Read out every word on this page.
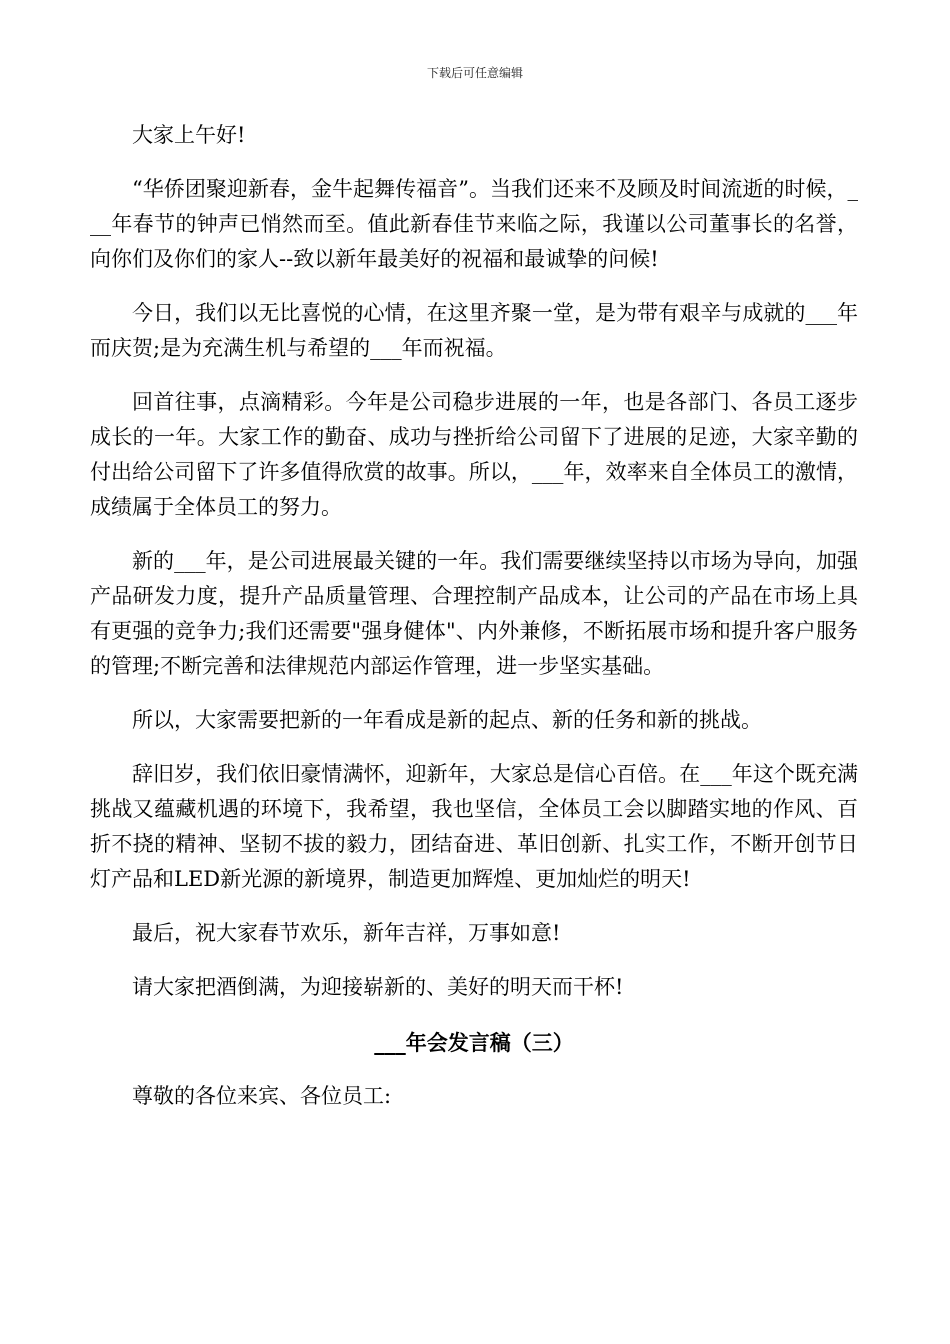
下载后可任意编辑

大家上午好!

“华侨团聚迎新春，金牛起舞传福音”。当我们还来不及顾及时间流逝的时候，___年春节的钟声已悄然而至。值此新春佳节来临之际，我谨以公司董事长的名誉，向你们及你们的家人--致以新年最美好的祝福和最诚挚的问候!

今日，我们以无比喜悦的心情，在这里齐聚一堂，是为带有艰辛与成就的___年而庆贺;是为充满生机与希望的___年而祝福。

回首往事，点滴精彩。今年是公司稳步进展的一年，也是各部门、各员工逐步成长的一年。大家工作的勤奋、成功与挫折给公司留下了进展的足迹，大家辛勤的付出给公司留下了许多值得欣赏的故事。所以，___年，效率来自全体员工的激情，成绩属于全体员工的努力。

新的___年，是公司进展最关键的一年。我们需要继续坚持以市场为导向，加强产品研发力度，提升产品质量管理、合理控制产品成本，让公司的产品在市场上具有更强的竞争力;我们还需要"强身健体"、内外兼修，不断拓展市场和提升客户服务的管理;不断完善和法律规范内部运作管理，进一步坚实基础。

所以，大家需要把新的一年看成是新的起点、新的任务和新的挑战。

辞旧岁，我们依旧豪情满怀，迎新年，大家总是信心百倍。在___年这个既充满挑战又蕴藏机遇的环境下，我希望，我也坚信，全体员工会以脚踏实地的作风、百折不挠的精神、坚韧不拔的毅力，团结奋进、革旧创新、扎实工作，不断开创节日灯产品和LED新光源的新境界，制造更加辉煌、更加灿烂的明天!

最后，祝大家春节欢乐，新年吉祥，万事如意!

请大家把酒倒满，为迎接崭新的、美好的明天而干杯!

___年会发言稿（三）

尊敬的各位来宾、各位员工:
